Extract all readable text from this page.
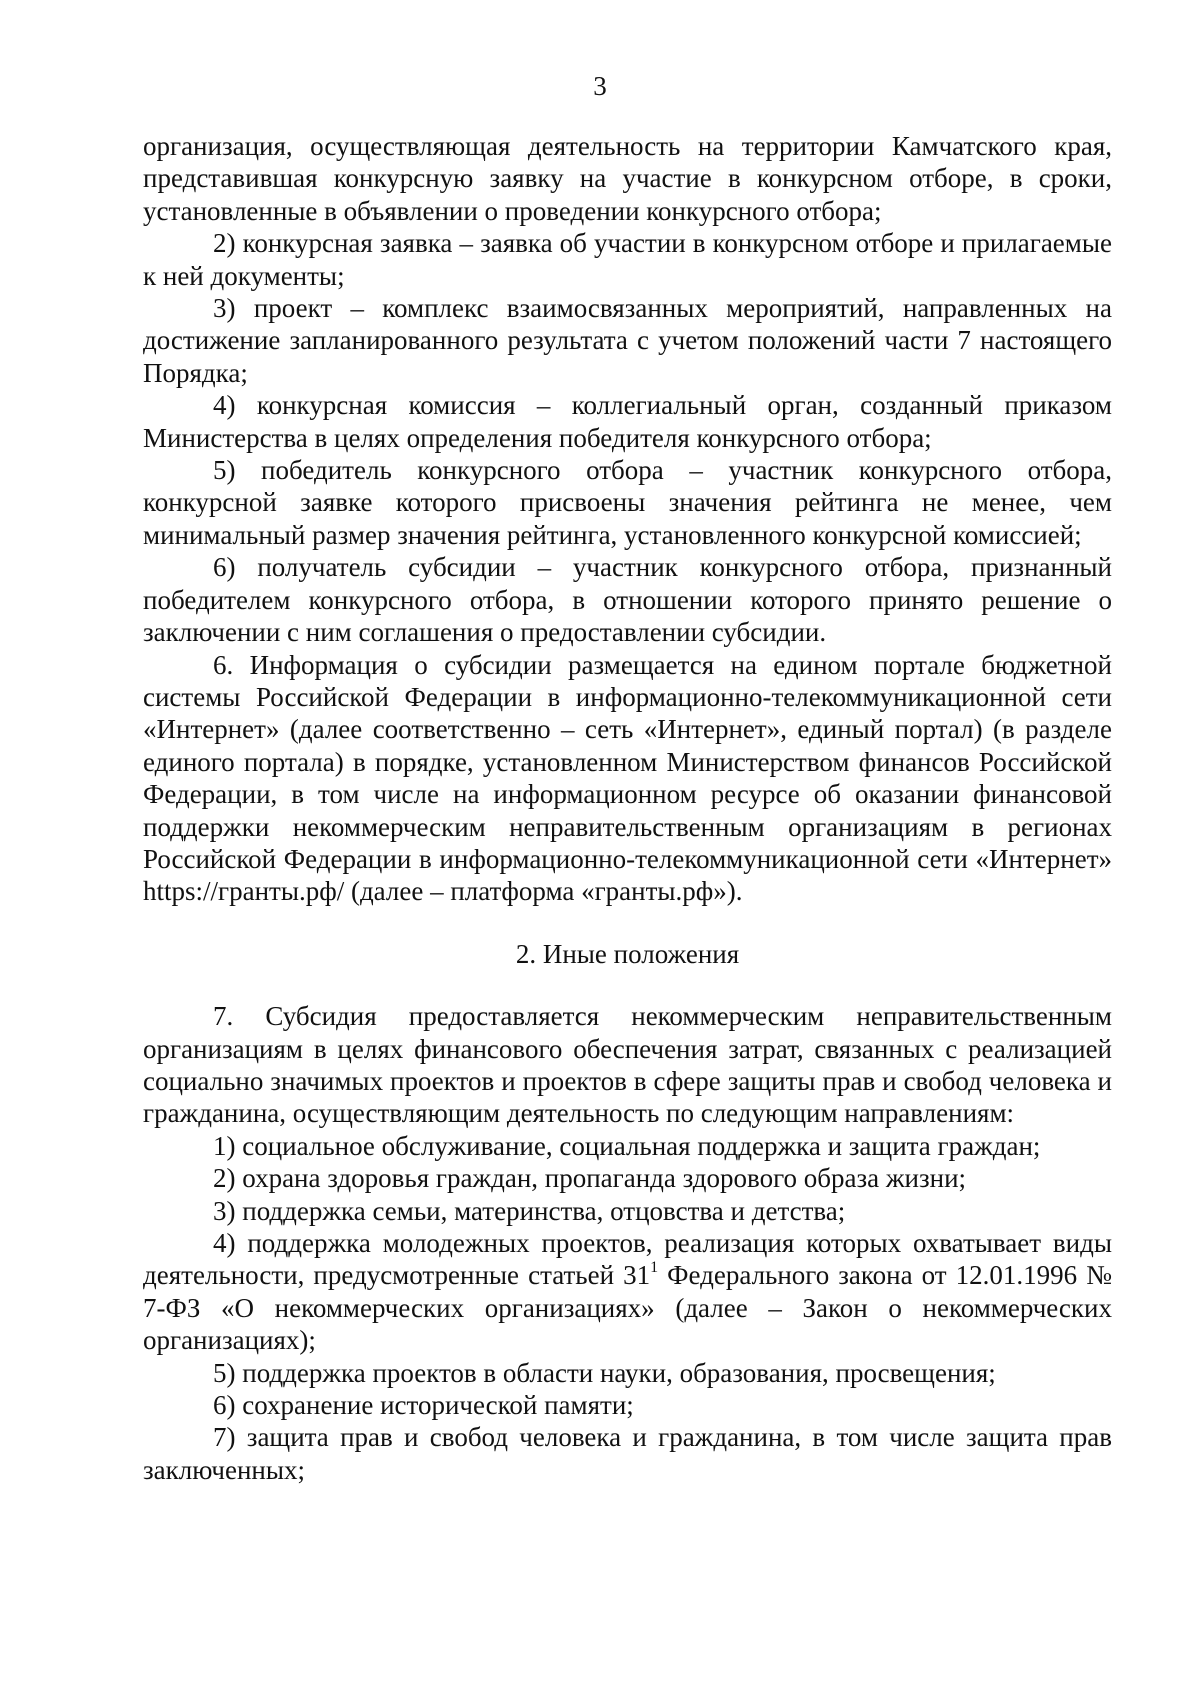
3

организация, осуществляющая деятельность на территории Камчатского края, представившая конкурсную заявку на участие в конкурсном отборе, в сроки, установленные в объявлении о проведении конкурсного отбора;

2) конкурсная заявка – заявка об участии в конкурсном отборе и прилагаемые к ней документы;

3) проект – комплекс взаимосвязанных мероприятий, направленных на достижение запланированного результата с учетом положений части 7 настоящего Порядка;

4) конкурсная комиссия – коллегиальный орган, созданный приказом Министерства в целях определения победителя конкурсного отбора;

5) победитель конкурсного отбора – участник конкурсного отбора, конкурсной заявке которого присвоены значения рейтинга не менее, чем минимальный размер значения рейтинга, установленного конкурсной комиссией;

6) получатель субсидии – участник конкурсного отбора, признанный победителем конкурсного отбора, в отношении которого принято решение о заключении с ним соглашения о предоставлении субсидии.

6. Информация о субсидии размещается на едином портале бюджетной системы Российской Федерации в информационно-телекоммуникационной сети «Интернет» (далее соответственно – сеть «Интернет», единый портал) (в разделе единого портала) в порядке, установленном Министерством финансов Российской Федерации, в том числе на информационном ресурсе об оказании финансовой поддержки некоммерческим неправительственным организациям в регионах Российской Федерации в информационно-телекоммуникационной сети «Интернет» https://гранты.рф/ (далее – платформа «гранты.рф»).

2. Иные положения

7. Субсидия предоставляется некоммерческим неправительственным организациям в целях финансового обеспечения затрат, связанных с реализацией социально значимых проектов и проектов в сфере защиты прав и свобод человека и гражданина, осуществляющим деятельность по следующим направлениям:

1) социальное обслуживание, социальная поддержка и защита граждан;

2) охрана здоровья граждан, пропаганда здорового образа жизни;

3) поддержка семьи, материнства, отцовства и детства;

4) поддержка молодежных проектов, реализация которых охватывает виды деятельности, предусмотренные статьей $31^1$ Федерального закона от 12.01.1996 № 7-ФЗ «О некоммерческих организациях» (далее – Закон о некоммерческих организациях);

5) поддержка проектов в области науки, образования, просвещения;

6) сохранение исторической памяти;

7) защита прав и свобод человека и гражданина, в том числе защита прав заключенных;
